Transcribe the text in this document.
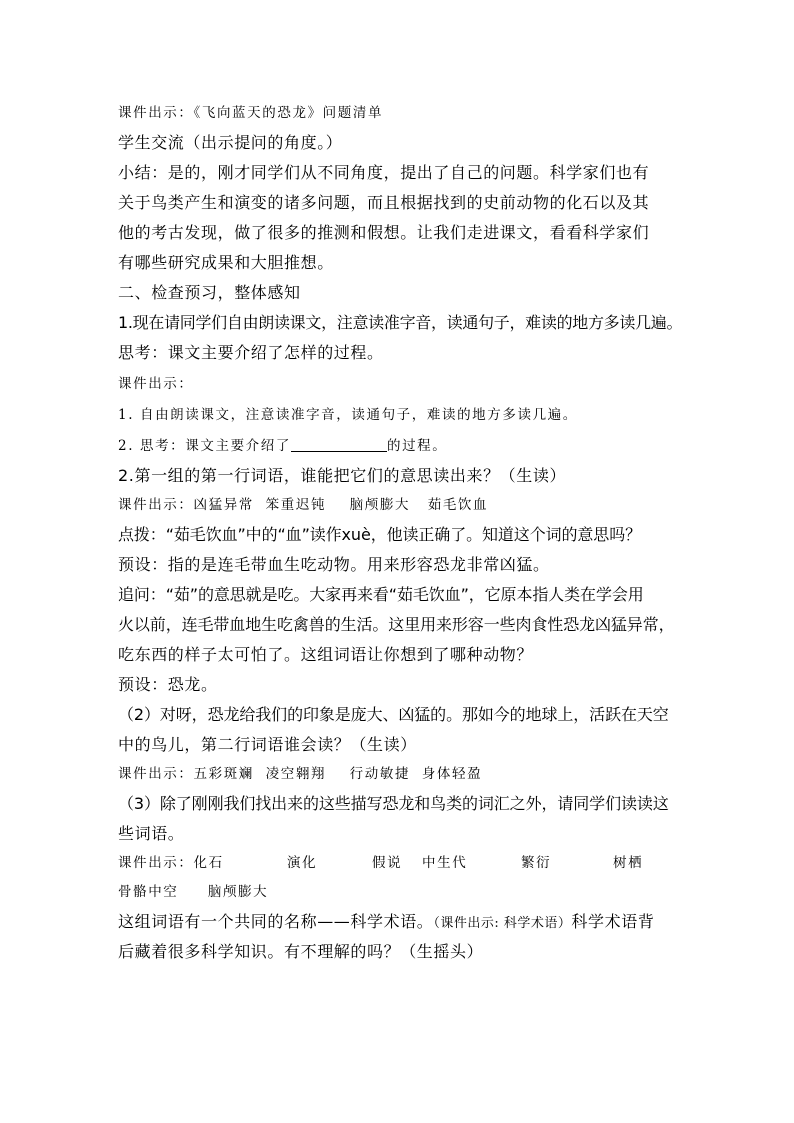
课件出示：《飞向蓝天的恐龙》问题清单
学生交流（出示提问的角度。）
小结：是的，刚才同学们从不同角度，提出了自己的问题。科学家们也有
关于鸟类产生和演变的诸多问题，而且根据找到的史前动物的化石以及其
他的考古发现，做了很多的推测和假想。让我们走进课文，看看科学家们
有哪些研究成果和大胆推想。
二、检查预习，整体感知
1.现在请同学们自由朗读课文，注意读准字音，读通句子，难读的地方多读几遍。
思考：课文主要介绍了怎样的过程。
课件出示：
1. 自由朗读课文，注意读准字音，读通句子，难读的地方多读几遍。
2. 思考：课文主要介绍了	的过程。
2.第一组的第一行词语，谁能把它们的意思读出来？（生读）
课件出示：凶猛异常  笨重迟钝    脑颅膨大   茹毛饮血
点拨：“茹毛饮血”中的“血”读作xuè，他读正确了。知道这个词的意思吗？
预设：指的是连毛带血生吃动物。用来形容恐龙非常凶猛。
追问：“茹”的意思就是吃。大家再来看“茹毛饮血”，它原本指人类在学会用
火以前，连毛带血地生吃禽兽的生活。这里用来形容一些肉食性恐龙凶猛异常，
吃东西的样子太可怕了。这组词语让你想到了哪种动物？
预设：恐龙。
（2）对呀，恐龙给我们的印象是庞大、凶猛的。那如今的地球上，活跃在天空
中的鸟儿，第二行词语谁会读？（生读）
课件出示：五彩斑斓  凌空翱翔    行动敏捷  身体轻盈
（3）除了刚刚我们找出来的这些描写恐龙和鸟类的词汇之外，请同学们读读这
些词语。
课件出示：化石	演化	假说 中生代	繁衍	树栖
骨骼中空     脑颅膨大
这组词语有一个共同的名称——科学术语。（课件出示: 科学术语）科学术语背
后藏着很多科学知识。有不理解的吗？（生摇头）
